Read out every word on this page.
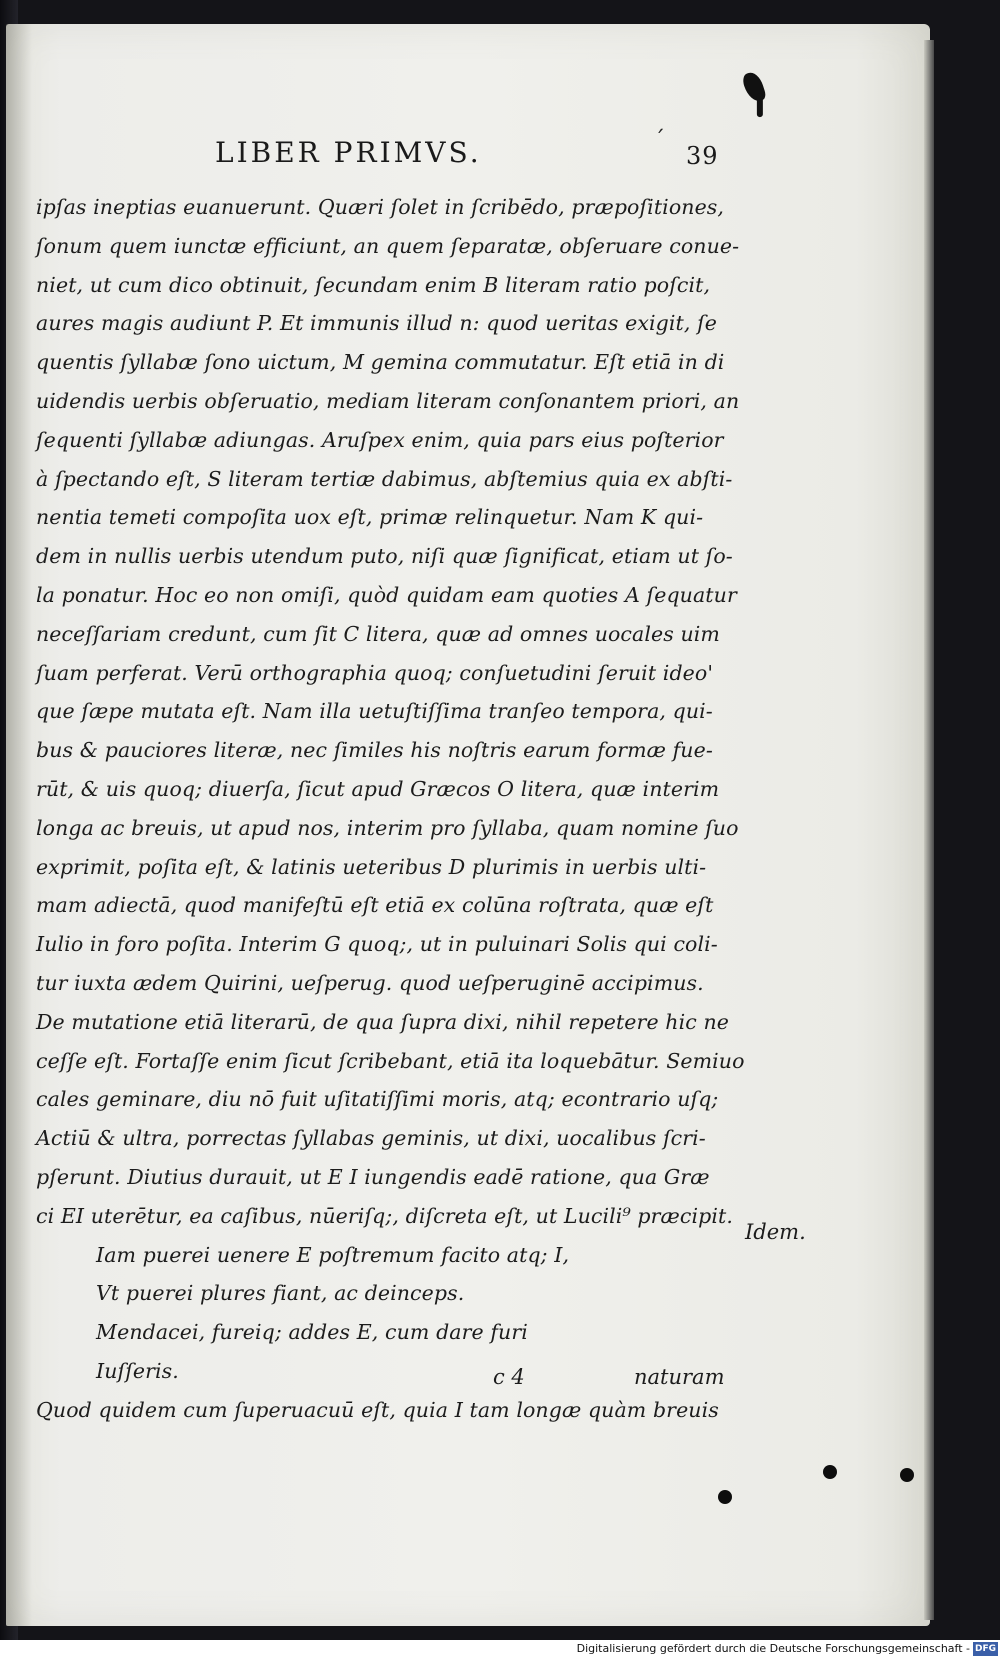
LIBER PRIMVS.	´
39
ipſas ineptias euanuerunt. Quæri ſolet in ſcribēdo, præpoſitiones,
ſonum quem iunctæ efficiunt, an quem ſeparatæ, obſeruare conue-
niet, ut cum dico obtinuit, ſecundam enim B literam ratio poſcit,
aures magis audiunt P. Et immunis illud n: quod ueritas exigit, ſe
quentis ſyllabæ ſono uictum, M gemina commutatur. Eſt etiā in di
uidendis uerbis obſeruatio, mediam literam conſonantem priori, an
ſequenti ſyllabæ adiungas. Aruſpex enim, quia pars eius poſterior
à ſpectando eſt, S literam tertiæ dabimus, abſtemius quia ex abſti-
nentia temeti compoſita uox eſt, primæ relinquetur. Nam K qui-
dem in nullis uerbis utendum puto, niſi quæ ſignificat, etiam ut ſo-
la ponatur. Hoc eo non omiſi, quòd quidam eam quoties A ſequatur
neceſſariam credunt, cum ſit C litera, quæ ad omnes uocales uim
ſuam perferat. Verū orthographia quoq; conſuetudini ſeruit ideo'
que ſæpe mutata eſt. Nam illa uetuſtiſſima tranſeo tempora, qui-
bus & pauciores literæ, nec ſimiles his noſtris earum formæ fue-
rūt, & uis quoq; diuerſa, ſicut apud Græcos O litera, quæ interim
longa ac breuis, ut apud nos, interim pro ſyllaba, quam nomine ſuo
exprimit, poſita eſt, & latinis ueteribus D plurimis in uerbis ulti-
mam adiectā, quod manifeſtū eſt etiā ex colūna roſtrata, quæ eſt
Iulio in foro poſita. Interim G quoq;, ut in puluinari Solis qui coli-
tur iuxta ædem Quirini, ueſperug. quod ueſperuginē accipimus.
De mutatione etiā literarū, de qua ſupra dixi, nihil repetere hic ne
ceſſe eſt. Fortaſſe enim ſicut ſcribebant, etiā ita loquebātur. Semiuo
cales geminare, diu nō fuit uſitatiſſimi moris, atq; econtrario uſq;
Actiū & ultra, porrectas ſyllabas geminis, ut dixi, uocalibus ſcri-
pſerunt. Diutius durauit, ut E I iungendis eadē ratione, qua Græ
ci EI uterētur, ea caſibus, nūeriſq;, diſcreta eſt, ut Lucili⁹ præcipit.
Iam puerei uenere E poſtremum facito atq; I,
Vt puerei plures fiant, ac deinceps.
Mendacei, fureiq; addes E, cum dare furi
Iuſſeris.
Quod quidem cum ſuperuacuū eſt, quia I tam longæ quàm breuis
Idem.
c 4	naturam
Digitalisierung gefördert durch die Deutsche Forschungsgemeinschaft - DFG
